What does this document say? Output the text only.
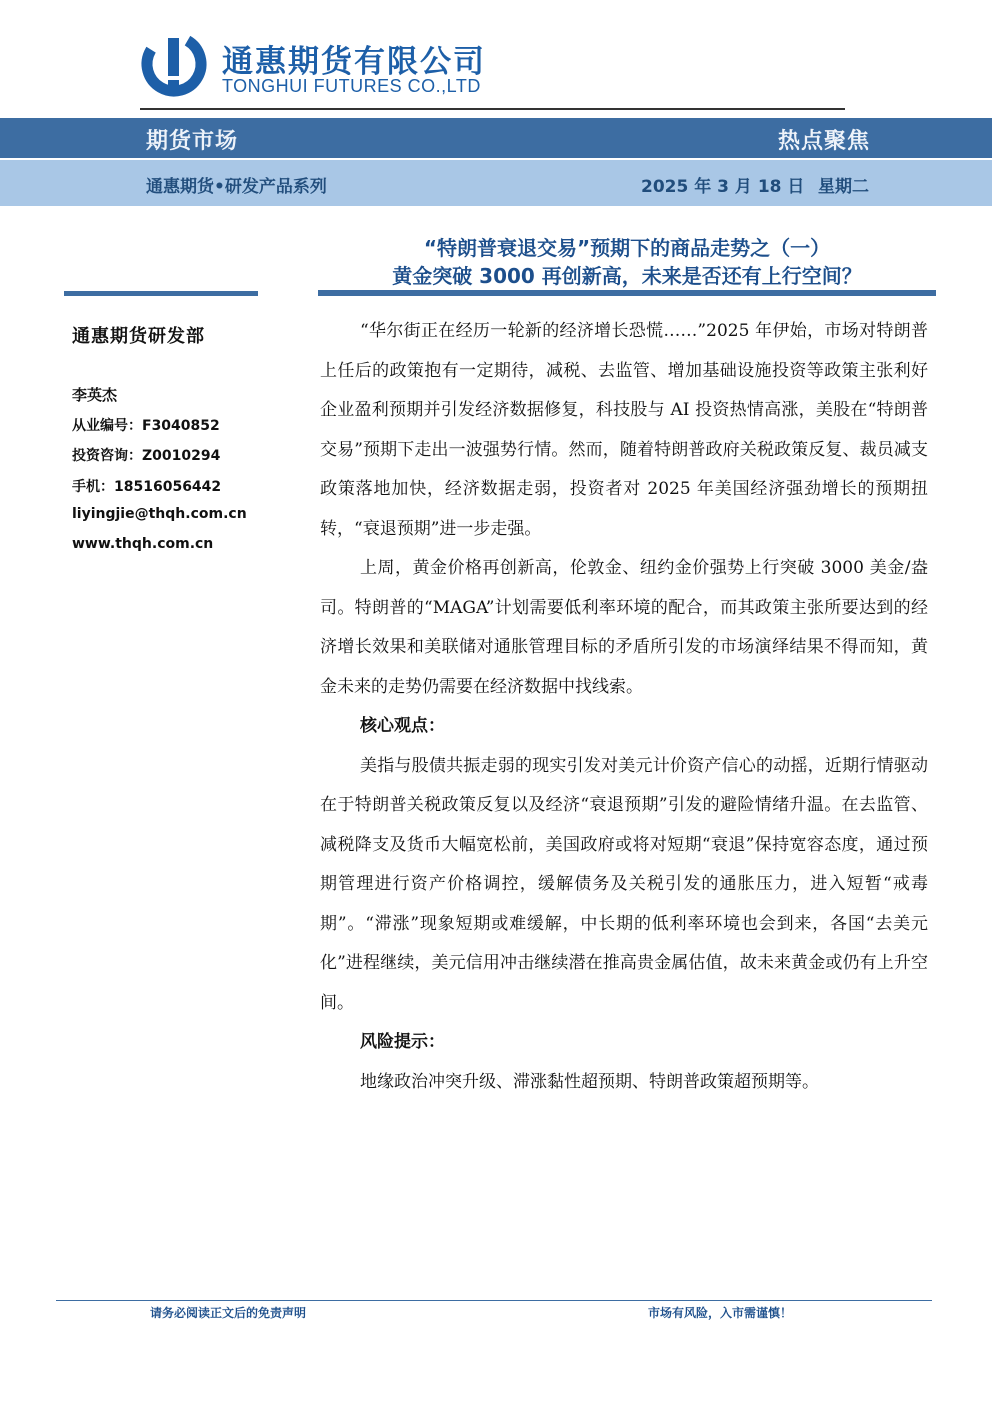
通惠期货有限公司
TONGHUI FUTURES CO.,LTD
期货市场	热点聚焦
通惠期货•研发产品系列	2025 年 3 月 18 日 星期二
“特朗普衰退交易”预期下的商品走势之（一）
黄金突破 3000 再创新高，未来是否还有上行空间？
通惠期货研发部
李英杰
从业编号：F3040852
投资咨询：Z0010294
手机：18516056442
liyingjie@thqh.com.cn
www.thqh.com.cn

“华尔街正在经历一轮新的经济增长恐慌……”2025 年伊始，市场对特朗普上任后的政策抱有一定期待，减税、去监管、增加基础设施投资等政策主张利好企业盈利预期并引发经济数据修复，科技股与 AI 投资热情高涨，美股在“特朗普交易”预期下走出一波强势行情。然而，随着特朗普政府关税政策反复、裁员减支政策落地加快，经济数据走弱，投资者对 2025 年美国经济强劲增长的预期扭转，“衰退预期”进一步走强。

上周，黄金价格再创新高，伦敦金、纽约金价强势上行突破 3000 美金/盎司。特朗普的“MAGA”计划需要低利率环境的配合，而其政策主张所要达到的经济增长效果和美联储对通胀管理目标的矛盾所引发的市场演绎结果不得而知，黄金未来的走势仍需要在经济数据中找线索。

核心观点：

美指与股债共振走弱的现实引发对美元计价资产信心的动摇，近期行情驱动在于特朗普关税政策反复以及经济“衰退预期”引发的避险情绪升温。在去监管、减税降支及货币大幅宽松前，美国政府或将对短期“衰退”保持宽容态度，通过预期管理进行资产价格调控，缓解债务及关税引发的通胀压力，进入短暂“戒毒期”。“滞涨”现象短期或难缓解，中长期的低利率环境也会到来，各国“去美元化”进程继续，美元信用冲击继续潜在推高贵金属估值，故未来黄金或仍有上升空间。

风险提示：

地缘政治冲突升级、滞涨黏性超预期、特朗普政策超预期等。

请务必阅读正文后的免责声明	市场有风险，入市需谨慎！
